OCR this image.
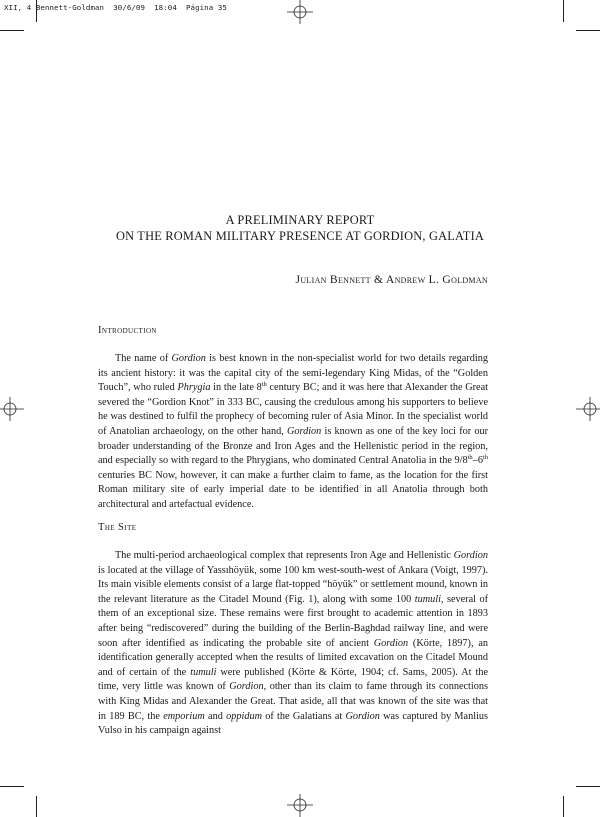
XII, 4 Bennett-Goldman  30/6/09  18:04  Página 35
A PRELIMINARY REPORT
ON THE ROMAN MILITARY PRESENCE AT GORDION, GALATIA
Julian Bennett & Andrew L. Goldman
Introduction

The name of Gordion is best known in the non-specialist world for two details regarding its ancient history: it was the capital city of the semi-legendary King Midas, of the “Golden Touch”, who ruled Phrygia in the late 8th century BC; and it was here that Alexander the Great severed the “Gordion Knot” in 333 BC, causing the credulous among his supporters to believe he was destined to fulfil the prophecy of becoming ruler of Asia Minor. In the specialist world of Anatolian archaeology, on the other hand, Gordion is known as one of the key loci for our broader understanding of the Bronze and Iron Ages and the Hellenistic period in the region, and especially so with regard to the Phrygians, who dominated Central Anatolia in the 9/8th–6th centuries BC Now, however, it can make a further claim to fame, as the location for the first Roman military site of early imperial date to be identified in all Anatolia through both architectural and artefactual evidence.

The Site

The multi-period archaeological complex that represents Iron Age and Hellenistic Gordion is located at the village of Yassıhöyük, some 100 km west-south-west of Ankara (Voigt, 1997). Its main visible elements consist of a large flat-topped “höyük” or settlement mound, known in the relevant literature as the Citadel Mound (Fig. 1), along with some 100 tumuli, several of them of an exceptional size. These remains were first brought to academic attention in 1893 after being “rediscovered” during the building of the Berlin-Baghdad railway line, and were soon after identified as indicating the probable site of ancient Gordion (Körte, 1897), an identification generally accepted when the results of limited excavation on the Citadel Mound and of certain of the tumuli were published (Körte & Körte, 1904; cf. Sams, 2005). At the time, very little was known of Gordion, other than its claim to fame through its connections with King Midas and Alexander the Great. That aside, all that was known of the site was that in 189 BC, the emporium and oppidum of the Galatians at Gordion was captured by Manlius Vulso in his campaign against
